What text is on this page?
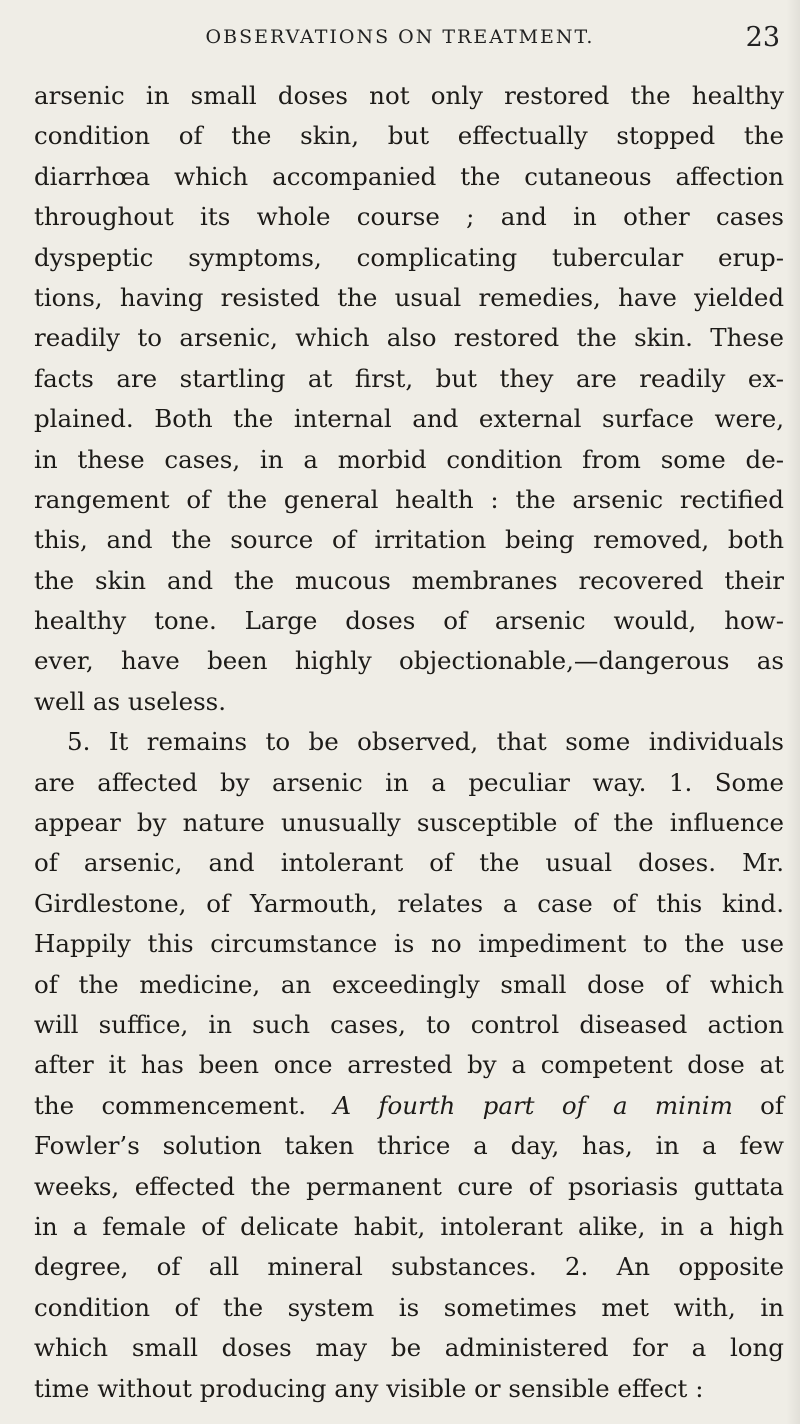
OBSERVATIONS ON TREATMENT.	23
arsenic in small doses not only restored the healthy
condition of the skin, but effectually stopped the
diarrhœa which accompanied the cutaneous affection
throughout its whole course ; and in other cases
dyspeptic symptoms, complicating tubercular erup-
tions, having resisted the usual remedies, have yielded
readily to arsenic, which also restored the skin. These
facts are startling at first, but they are readily ex-
plained. Both the internal and external surface were,
in these cases, in a morbid condition from some de-
rangement of the general health : the arsenic rectified
this, and the source of irritation being removed, both
the skin and the mucous membranes recovered their
healthy tone. Large doses of arsenic would, how-
ever, have been highly objectionable,—dangerous as
well as useless.
5. It remains to be observed, that some individuals
are affected by arsenic in a peculiar way. 1. Some
appear by nature unusually susceptible of the influence
of arsenic, and intolerant of the usual doses. Mr.
Girdlestone, of Yarmouth, relates a case of this kind.
Happily this circumstance is no impediment to the use
of the medicine, an exceedingly small dose of which
will suffice, in such cases, to control diseased action
after it has been once arrested by a competent dose at
the commencement. A fourth part of a minim of
Fowler’s solution taken thrice a day, has, in a few
weeks, effected the permanent cure of psoriasis guttata
in a female of delicate habit, intolerant alike, in a high
degree, of all mineral substances. 2. An opposite
condition of the system is sometimes met with, in
which small doses may be administered for a long
time without producing any visible or sensible effect :
